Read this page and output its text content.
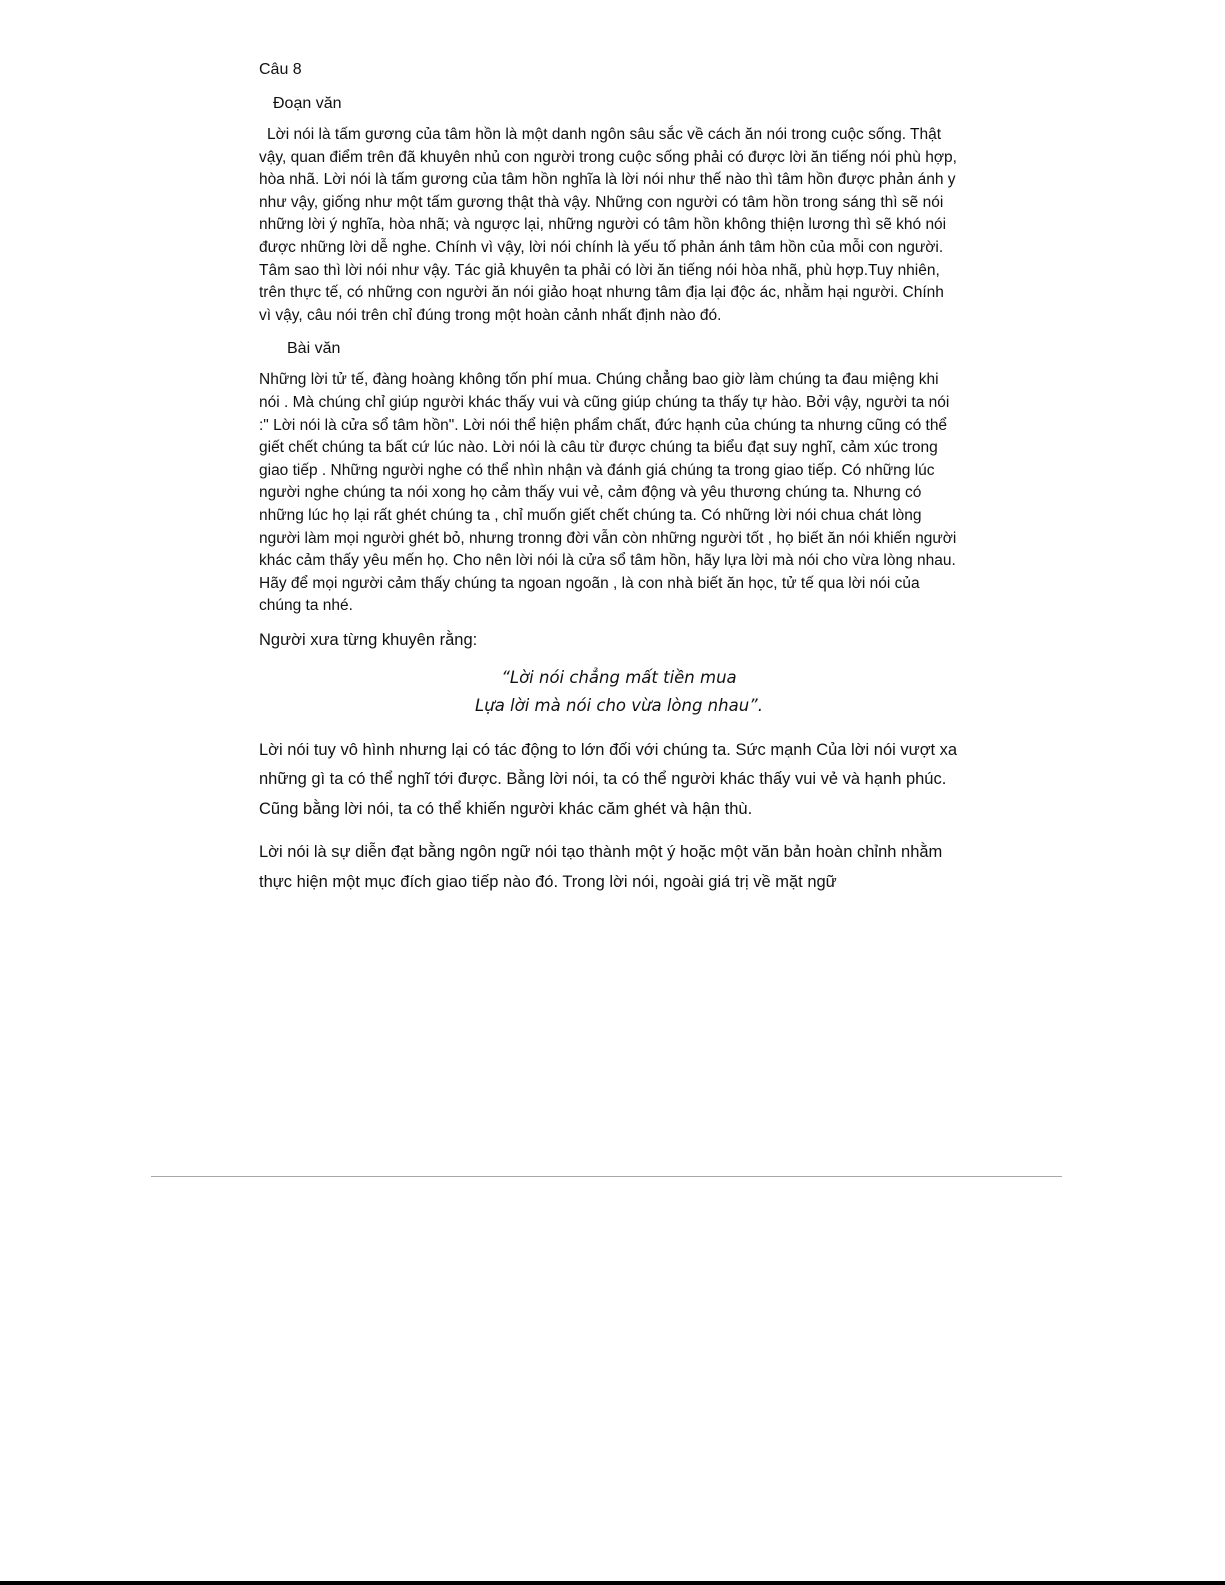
Câu 8
Đoạn văn

Lời nói là tấm gương của tâm hồn là một danh ngôn sâu sắc về cách ăn nói trong cuộc sống. Thật vậy, quan điểm trên đã khuyên nhủ con người trong cuộc sống phải có được lời ăn tiếng nói phù hợp, hòa nhã. Lời nói là tấm gương của tâm hồn nghĩa là lời nói như thế nào thì tâm hồn được phản ánh y như vậy, giống như một tấm gương thật thà vậy. Những con người có tâm hồn trong sáng thì sẽ nói những lời ý nghĩa, hòa nhã; và ngược lại, những người có tâm hồn không thiện lương thì sẽ khó nói được những lời dễ nghe. Chính vì vậy, lời nói chính là yếu tố phản ánh tâm hồn của mỗi con người. Tâm sao thì lời nói như vậy. Tác giả khuyên ta phải có lời ăn tiếng nói hòa nhã, phù hợp.Tuy nhiên, trên thực tế, có những con người ăn nói giảo hoạt nhưng tâm địa lại độc ác, nhằm hại người. Chính vì vậy, câu nói trên chỉ đúng trong một hoàn cảnh nhất định nào đó.

Bài văn

Những lời tử tế, đàng hoàng không tốn phí mua. Chúng chẳng bao giờ làm chúng ta đau miệng khi nói . Mà chúng chỉ giúp người khác thấy vui và cũng giúp chúng ta thấy tự hào. Bởi vậy, người ta nói :" Lời nói là cửa sổ tâm hồn". Lời nói thể hiện phẩm chất, đức hạnh của chúng ta nhưng cũng có thể giết chết chúng ta bất cứ lúc nào. Lời nói là câu từ được chúng ta biểu đạt suy nghĩ, cảm xúc trong giao tiếp . Những người nghe có thể nhìn nhận và đánh giá chúng ta trong giao tiếp. Có những lúc người nghe chúng ta nói xong họ cảm thấy vui vẻ, cảm động và yêu thương chúng ta. Nhưng có những lúc họ lại rất ghét chúng ta , chỉ muốn giết chết chúng ta. Có những lời nói chua chát lòng người làm mọi người ghét bỏ, nhưng tronng đời vẫn còn những người tốt , họ biết ăn nói khiến người khác cảm thấy yêu mến họ. Cho nên lời nói là cửa sổ tâm hồn, hãy lựa lời mà nói cho vừa lòng nhau. Hãy để mọi người cảm thấy chúng ta ngoan ngoãn , là con nhà biết ăn học, tử tế qua lời nói của chúng ta nhé.

Người xưa từng khuyên rằng:

“Lời nói chẳng mất tiền mua
Lựa lời mà nói cho vừa lòng nhau”.

Lời nói tuy vô hình nhưng lại có tác động to lớn đối với chúng ta. Sức mạnh Của lời nói vượt xa những gì ta có thể nghĩ tới được. Bằng lời nói, ta có thể người khác thấy vui vẻ và hạnh phúc. Cũng bằng lời nói, ta có thể khiến người khác căm ghét và hận thù.

Lời nói là sự diễn đạt bằng ngôn ngữ nói tạo thành một ý hoặc một văn bản hoàn chỉnh nhằm thực hiện một mục đích giao tiếp nào đó. Trong lời nói, ngoài giá trị về mặt ngữ
